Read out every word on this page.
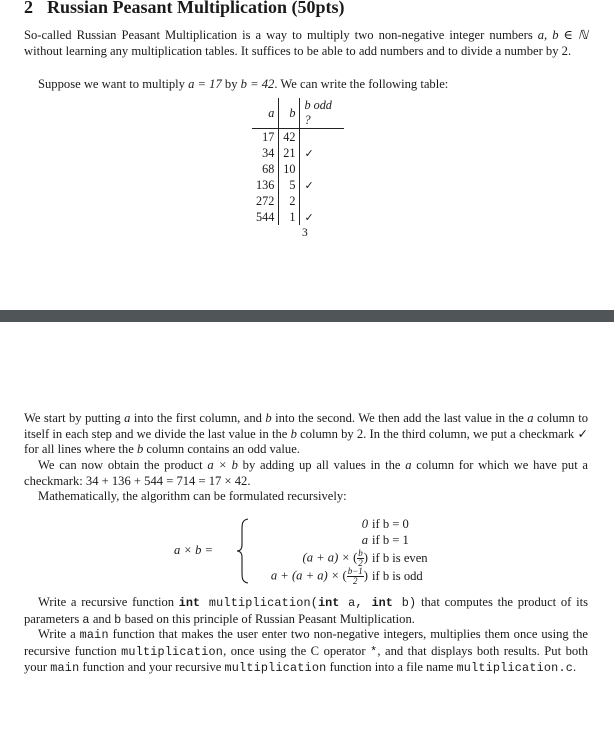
2 Russian Peasant Multiplication (50pts)
So-called Russian Peasant Multiplication is a way to multiply two non-negative integer numbers a, b ∈ ℕ without learning any multiplication tables. It suffices to be able to add numbers and to divide a number by 2.
Suppose we want to multiply a = 17 by b = 42. We can write the following table:
a	b	b odd ?
17	42	
34	21	✓
68	10	
136	5	✓
272	2	
544	1	✓
3
We start by putting a into the first column, and b into the second. We then add the last value in the a column to itself in each step and we divide the last value in the b column by 2. In the third column, we put a checkmark ✓ for all lines where the b column contains an odd value.
We can now obtain the product a × b by adding up all values in the a column for which we have put a checkmark: 34 + 136 + 544 = 714 = 17 × 42.
Mathematically, the algorithm can be formulated recursively:
a × b =
0 if b = 0
a if b = 1
(a + a) × ( $\frac{b}{2}$ ) if b is even
a + (a + a) × ( $\frac{b-1}{2}$ ) if b is odd
Write a recursive function int multiplication(int a, int b) that computes the product of its parameters a and b based on this principle of Russian Peasant Multiplication.
Write a main function that makes the user enter two non-negative integers, multiplies them once using the recursive function multiplication, once using the C operator *, and that displays both results. Put both your main function and your recursive multiplication function into a file name multiplication.c.
